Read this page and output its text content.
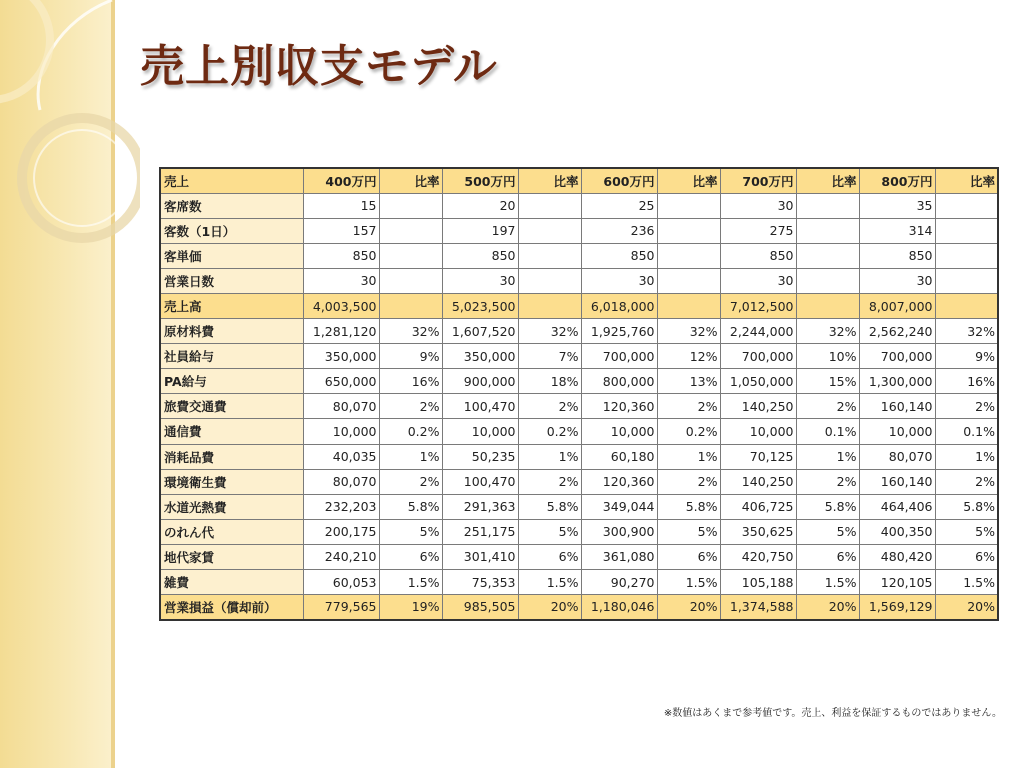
売上別収支モデル
売上	400万円	比率	500万円	比率	600万円	比率	700万円	比率	800万円	比率
客席数	15		20		25		30		35	
客数（1日）	157		197		236		275		314	
客単価	850		850		850		850		850	
営業日数	30		30		30		30		30	
売上高	4,003,500		5,023,500		6,018,000		7,012,500		8,007,000	
原材料費	1,281,120	32%	1,607,520	32%	1,925,760	32%	2,244,000	32%	2,562,240	32%
社員給与	350,000	9%	350,000	7%	700,000	12%	700,000	10%	700,000	9%
PA給与	650,000	16%	900,000	18%	800,000	13%	1,050,000	15%	1,300,000	16%
旅費交通費	80,070	2%	100,470	2%	120,360	2%	140,250	2%	160,140	2%
通信費	10,000	0.2%	10,000	0.2%	10,000	0.2%	10,000	0.1%	10,000	0.1%
消耗品費	40,035	1%	50,235	1%	60,180	1%	70,125	1%	80,070	1%
環境衛生費	80,070	2%	100,470	2%	120,360	2%	140,250	2%	160,140	2%
水道光熱費	232,203	5.8%	291,363	5.8%	349,044	5.8%	406,725	5.8%	464,406	5.8%
のれん代	200,175	5%	251,175	5%	300,900	5%	350,625	5%	400,350	5%
地代家賃	240,210	6%	301,410	6%	361,080	6%	420,750	6%	480,420	6%
雑費	60,053	1.5%	75,353	1.5%	90,270	1.5%	105,188	1.5%	120,105	1.5%
営業損益（償却前）	779,565	19%	985,505	20%	1,180,046	20%	1,374,588	20%	1,569,129	20%

※数値はあくまで参考値です。売上、利益を保証するものではありません。
